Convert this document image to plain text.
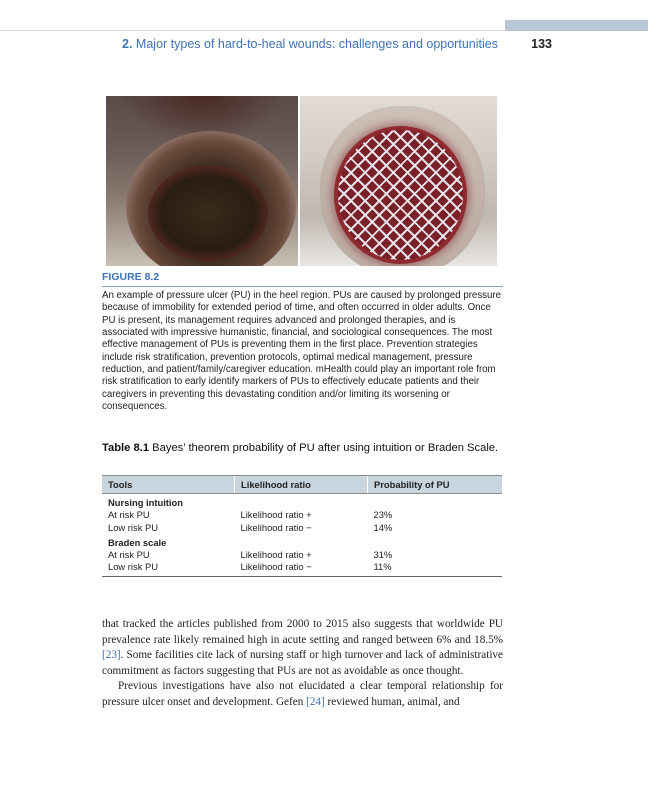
2. Major types of hard-to-heal wounds: challenges and opportunities	133
FIGURE 8.2
An example of pressure ulcer (PU) in the heel region. PUs are caused by prolonged pressure because of immobility for extended period of time, and often occurred in older adults. Once PU is present, its management requires advanced and prolonged therapies, and is associated with impressive humanistic, financial, and sociological consequences. The most effective management of PUs is preventing them in the first place. Prevention strategies include risk stratification, prevention protocols, optimal medical management, pressure reduction, and patient/family/caregiver education. mHealth could play an important role from risk stratification to early identify markers of PUs to effectively educate patients and their caregivers in preventing this devastating condition and/or limiting its worsening or consequences.
Table 8.1 Bayes’ theorem probability of PU after using intuition or Braden Scale.
Tools	Likelihood ratio	Probability of PU
Nursing intuition		
At risk PU	Likelihood ratio +	23%
Low risk PU	Likelihood ratio −	14%
Braden scale		
At risk PU	Likelihood ratio +	31%
Low risk PU	Likelihood ratio −	11%

that tracked the articles published from 2000 to 2015 also suggests that worldwide PU prevalence rate likely remained high in acute setting and ranged between 6% and 18.5% [23]. Some facilities cite lack of nursing staff or high turnover and lack of administrative commitment as factors suggesting that PUs are not as avoidable as once thought.

Previous investigations have also not elucidated a clear temporal relationship for pressure ulcer onset and development. Gefen [24] reviewed human, animal, and
